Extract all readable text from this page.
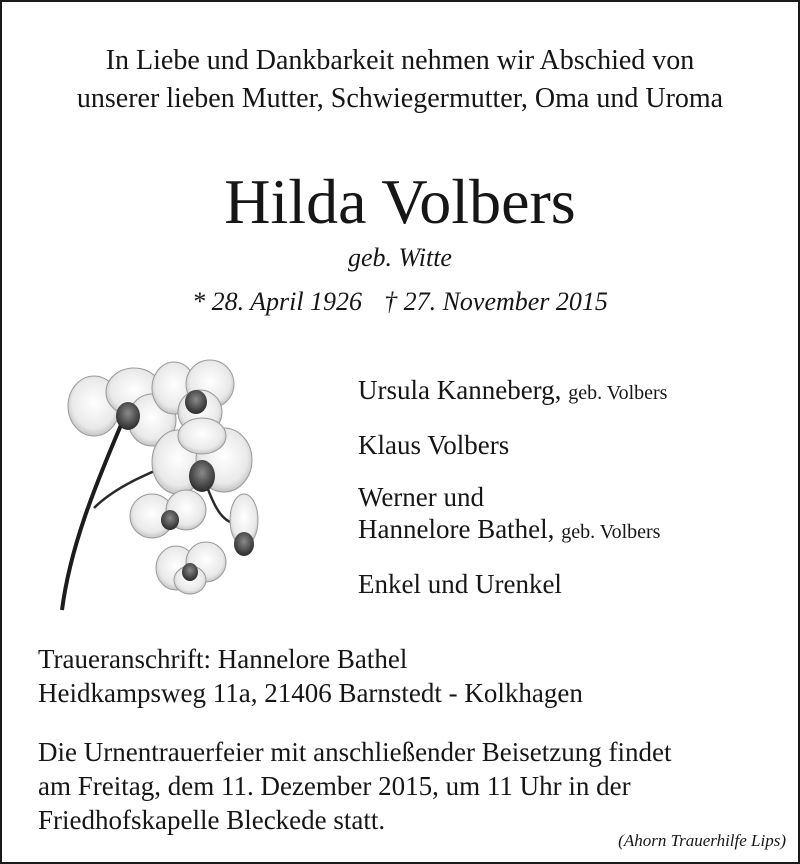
In Liebe und Dankbarkeit nehmen wir Abschied von
unserer lieben Mutter, Schwiegermutter, Oma und Uroma
Hilda Volbers
geb. Witte
* 28. April 1926 † 27. November 2015
Ursula Kanneberg, geb. Volbers
Klaus Volbers
Werner und
Hannelore Bathel, geb. Volbers
Enkel und Urenkel
Traueranschrift: Hannelore Bathel
Heidkampsweg 11a, 21406 Barnstedt - Kolkhagen
Die Urnentrauerfeier mit anschließender Beisetzung findet
am Freitag, dem 11. Dezember 2015, um 11 Uhr in der
Friedhofskapelle Bleckede statt.
(Ahorn Trauerhilfe Lips)
